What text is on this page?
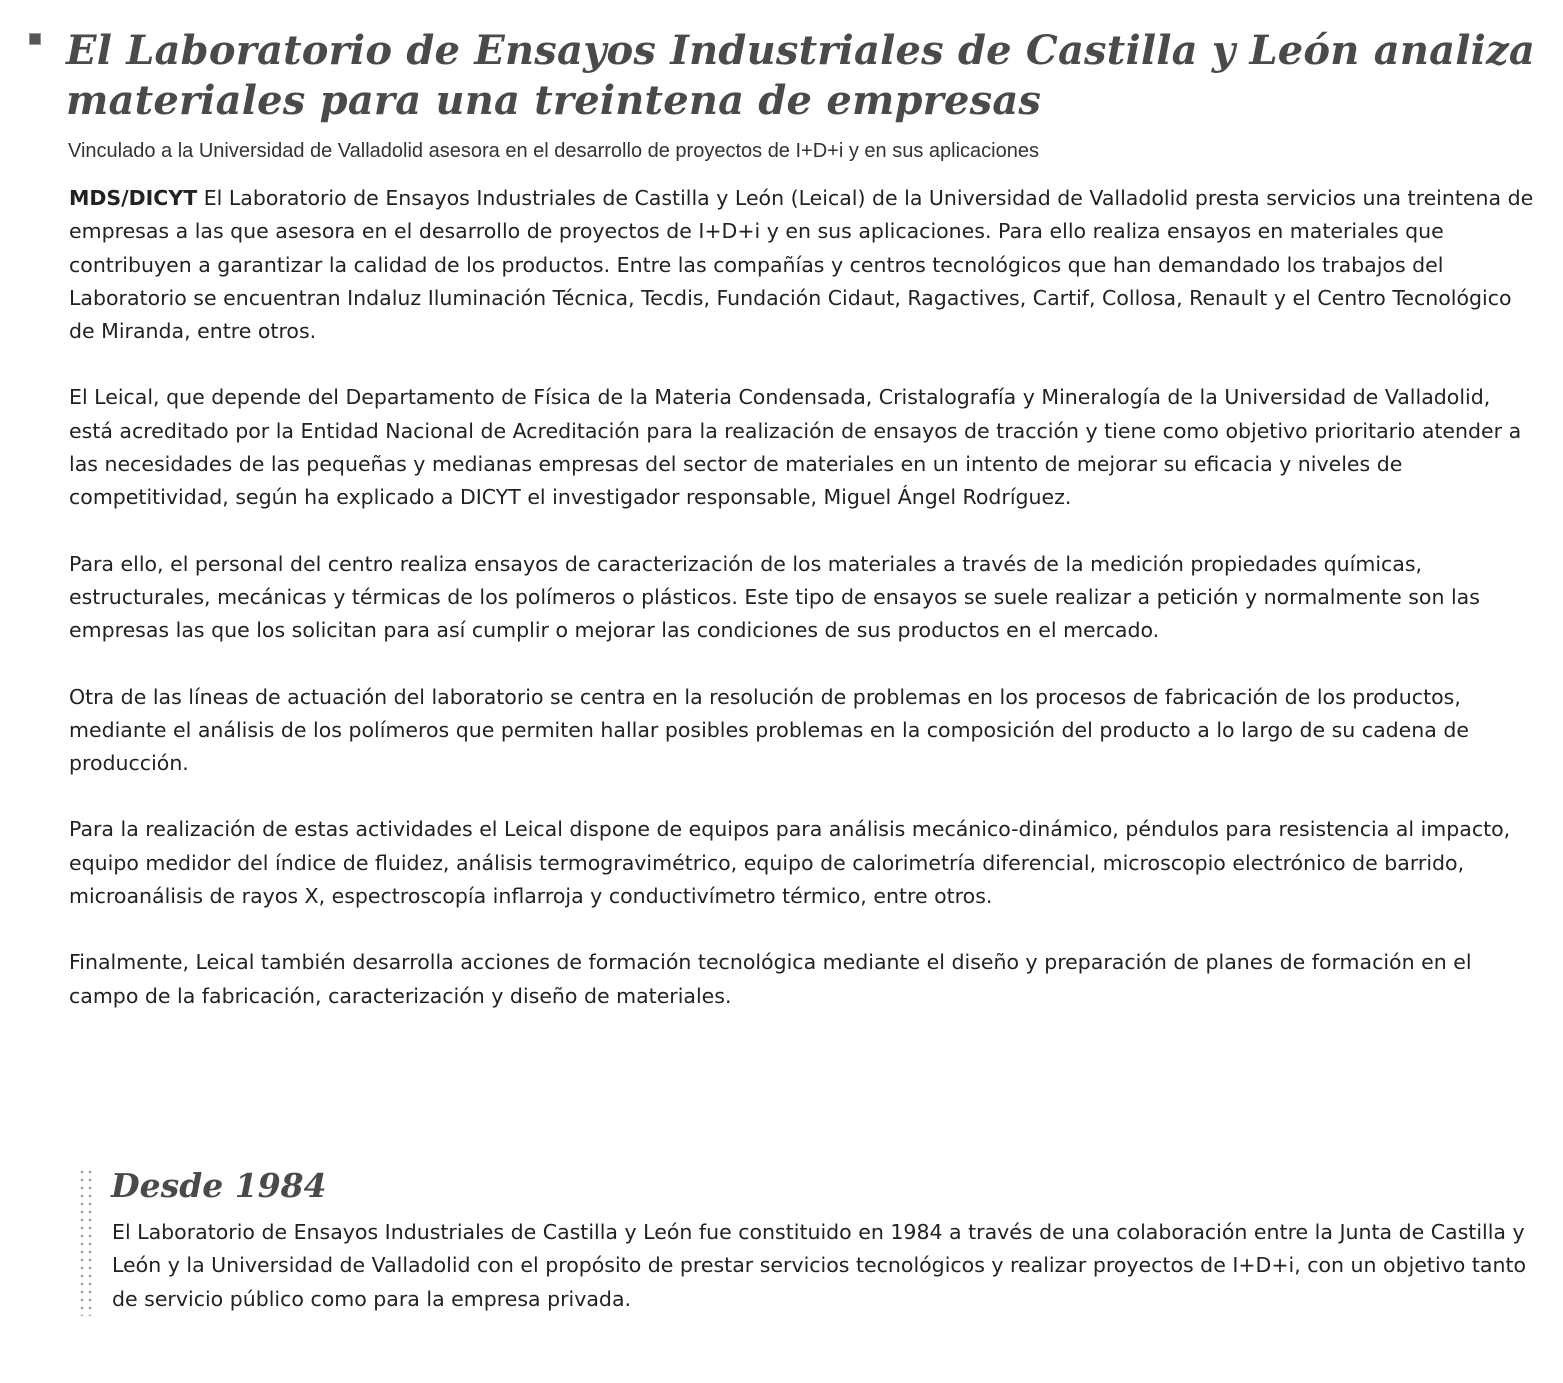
El Laboratorio de Ensayos Industriales de Castilla y León analiza materiales para una treintena de empresas

Vinculado a la Universidad de Valladolid asesora en el desarrollo de proyectos de I+D+i y en sus aplicaciones

MDS/DICYT El Laboratorio de Ensayos Industriales de Castilla y León (Leical) de la Universidad de Valladolid presta servicios una treintena de empresas a las que asesora en el desarrollo de proyectos de I+D+i y en sus aplicaciones. Para ello realiza ensayos en materiales que contribuyen a garantizar la calidad de los productos. Entre las compañías y centros tecnológicos que han demandado los trabajos del Laboratorio se encuentran Indaluz Iluminación Técnica, Tecdis, Fundación Cidaut, Ragactives, Cartif, Collosa, Renault y el Centro Tecnológico de Miranda, entre otros.

El Leical, que depende del Departamento de Física de la Materia Condensada, Cristalografía y Mineralogía de la Universidad de Valladolid, está acreditado por la Entidad Nacional de Acreditación para la realización de ensayos de tracción y tiene como objetivo prioritario atender a las necesidades de las pequeñas y medianas empresas del sector de materiales en un intento de mejorar su eficacia y niveles de competitividad, según ha explicado a DICYT el investigador responsable, Miguel Ángel Rodríguez.

Para ello, el personal del centro realiza ensayos de caracterización de los materiales a través de la medición propiedades químicas, estructurales, mecánicas y térmicas de los polímeros o plásticos. Este tipo de ensayos se suele realizar a petición y normalmente son las empresas las que los solicitan para así cumplir o mejorar las condiciones de sus productos en el mercado.

Otra de las líneas de actuación del laboratorio se centra en la resolución de problemas en los procesos de fabricación de los productos, mediante el análisis de los polímeros que permiten hallar posibles problemas en la composición del producto a lo largo de su cadena de producción.

Para la realización de estas actividades el Leical dispone de equipos para análisis mecánico-dinámico, péndulos para resistencia al impacto, equipo medidor del índice de fluidez, análisis termogravimétrico, equipo de calorimetría diferencial, microscopio electrónico de barrido, microanálisis de rayos X, espectroscopía inflarroja y conductivímetro térmico, entre otros.

Finalmente, Leical también desarrolla acciones de formación tecnológica mediante el diseño y preparación de planes de formación en el campo de la fabricación, caracterización y diseño de materiales.

Desde 1984

El Laboratorio de Ensayos Industriales de Castilla y León fue constituido en 1984 a través de una colaboración entre la Junta de Castilla y León y la Universidad de Valladolid con el propósito de prestar servicios tecnológicos y realizar proyectos de I+D+i, con un objetivo tanto de servicio público como para la empresa privada.
